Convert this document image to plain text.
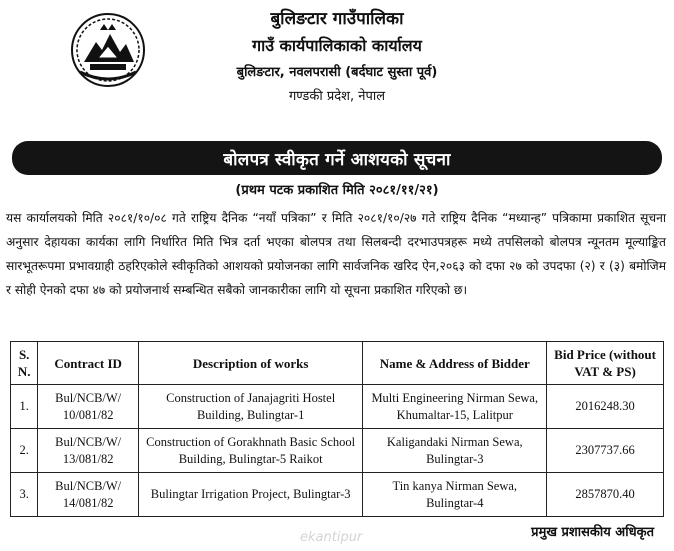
बुलिङटार गाउँपालिका
गाउँ कार्यपालिकाको कार्यालय
बुलिङटार, नवलपरासी (बर्दघाट सुस्ता पूर्व)
गण्डकी प्रदेश, नेपाल
बोलपत्र स्वीकृत गर्ने आशयको सूचना
(प्रथम पटक प्रकाशित मिति २०८१/११/२१)
यस कार्यालयको मिति २०८१/१०/०८ गते राष्ट्रिय दैनिक “नयाँ पत्रिका” र मिति २०८१/१०/२७ गते राष्ट्रिय दैनिक “मध्यान्ह” पत्रिकामा प्रकाशित सूचना अनुसार देहायका कार्यका लागि निर्धारित मिति भित्र दर्ता भएका बोलपत्र तथा सिलबन्दी दरभाउपत्रहरू मध्ये तपसिलको बोलपत्र न्यूनतम मूल्याङ्कित सारभूतरूपमा प्रभावग्राही ठहरिएकोले स्वीकृतिको आशयको प्रयोजनका लागि सार्वजनिक खरिद ऐन,२०६३ को दफा २७ को उपदफा (२) र (३) बमोजिम र सोही ऐनको दफा ४७ को प्रयोजनार्थ सम्बन्धित सबैको जानकारीका लागि यो सूचना प्रकाशित गरिएको छ।
S. N.	Contract ID	Description of works	Name & Address of Bidder	Bid Price (without VAT & PS)
1.	Bul/NCB/W/ 10/081/82	Construction of Janajagriti Hostel Building, Bulingtar-1	Multi Engineering Nirman Sewa, Khumaltar-15, Lalitpur	2016248.30
2.	Bul/NCB/W/ 13/081/82	Construction of Gorakhnath Basic School Building, Bulingtar-5 Raikot	Kaligandaki Nirman Sewa, Bulingtar-3	2307737.66
3.	Bul/NCB/W/ 14/081/82	Bulingtar Irrigation Project, Bulingtar-3	Tin kanya Nirman Sewa, Bulingtar-4	2857870.40
ekantipur	प्रमुख प्रशासकीय अधिकृत
